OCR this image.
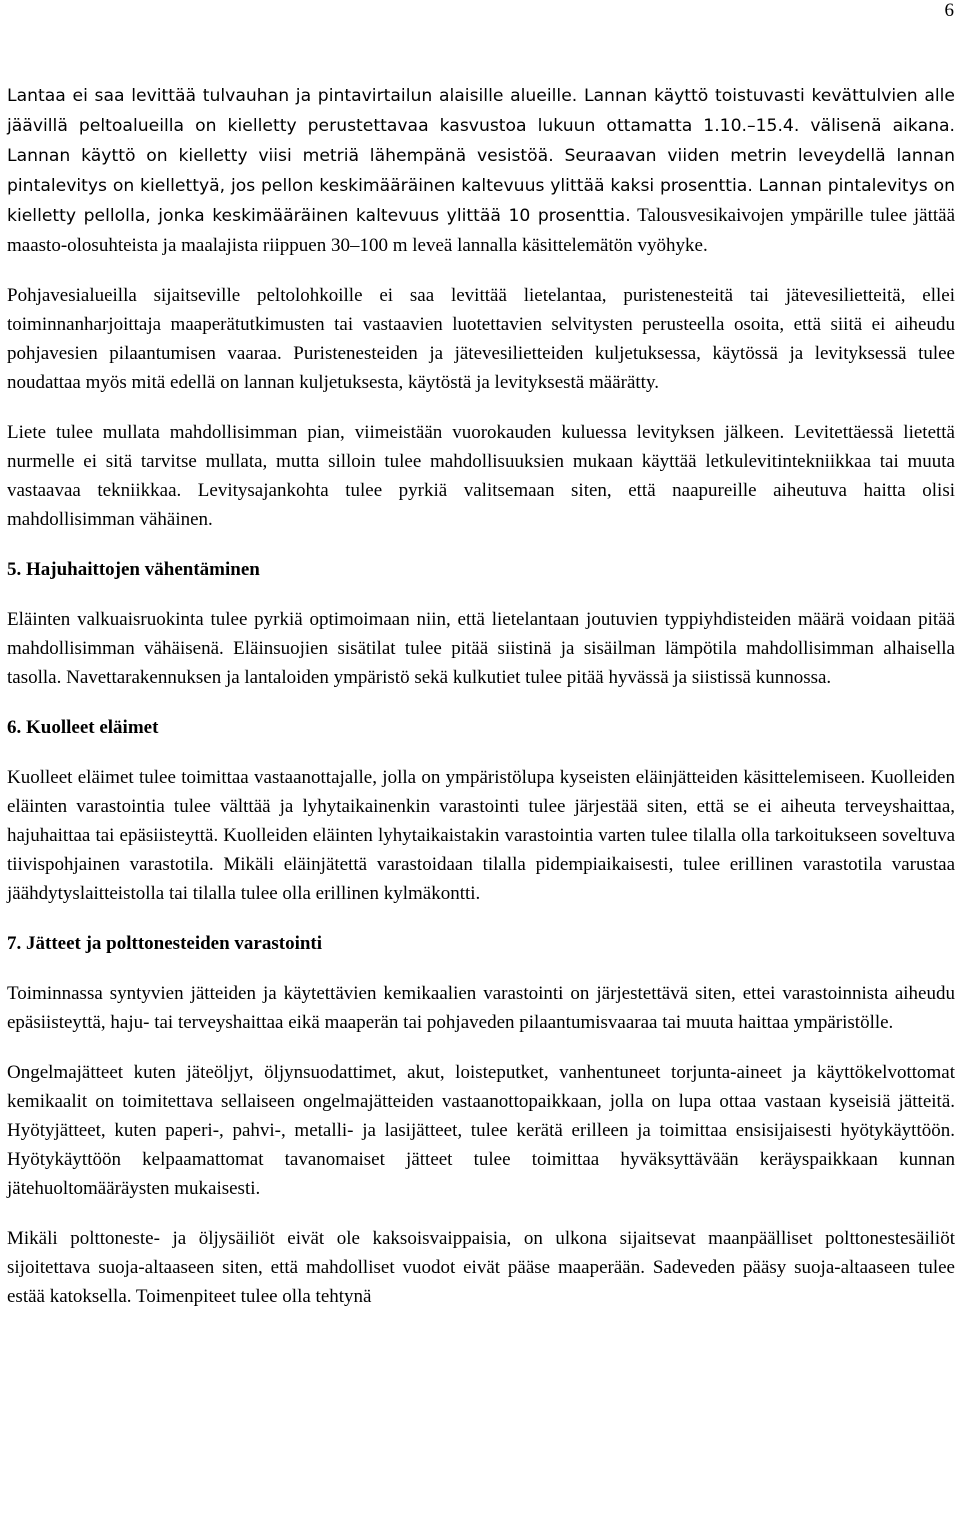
6

Lantaa ei saa levittää tulvauhan ja pintavirtailun alaisille alueille. Lannan käyttö toistuvasti kevättulvien alle jäävillä peltoalueilla on kielletty perustettavaa kasvustoa lukuun ottamatta 1.10.–15.4. välisenä aikana. Lannan käyttö on kielletty viisi metriä lähempänä vesistöä. Seuraavan viiden metrin leveydellä lannan pintalevitys on kiellettyä, jos pellon keskimääräinen kaltevuus ylittää kaksi prosenttia. Lannan pintalevitys on kielletty pellolla, jonka keskimääräinen kaltevuus ylittää 10 prosenttia. Talousvesikaivojen ympärille tulee jättää maasto-olosuhteista ja maalajista riippuen 30–100 m leveä lannalla käsittelemätön vyöhyke.

Pohjavesialueilla sijaitseville peltolohkoille ei saa levittää lietelantaa, puristenesteitä tai jätevesilietteitä, ellei toiminnanharjoittaja maaperätutkimusten tai vastaavien luotettavien selvitysten perusteella osoita, että siitä ei aiheudu pohjavesien pilaantumisen vaaraa. Puristenesteiden ja jätevesilietteiden kuljetuksessa, käytössä ja levityksessä tulee noudattaa myös mitä edellä on lannan kuljetuksesta, käytöstä ja levityksestä määrätty.

Liete tulee mullata mahdollisimman pian, viimeistään vuorokauden kuluessa levityksen jälkeen. Levitettäessä lietettä nurmelle ei sitä tarvitse mullata, mutta silloin tulee mahdollisuuksien mukaan käyttää letkulevitintekniikkaa tai muuta vastaavaa tekniikkaa. Levitysajankohta tulee pyrkiä valitsemaan siten, että naapureille aiheutuva haitta olisi mahdollisimman vähäinen.

5. Hajuhaittojen vähentäminen

Eläinten valkuaisruokinta tulee pyrkiä optimoimaan niin, että lietelantaan joutuvien typpiyhdisteiden määrä voidaan pitää mahdollisimman vähäisenä. Eläinsuojien sisätilat tulee pitää siistinä ja sisäilman lämpötila mahdollisimman alhaisella tasolla. Navettarakennuksen ja lantaloiden ympäristö sekä kulkutiet tulee pitää hyvässä ja siistissä kunnossa.

6. Kuolleet eläimet

Kuolleet eläimet tulee toimittaa vastaanottajalle, jolla on ympäristölupa kyseisten eläinjätteiden käsittelemiseen. Kuolleiden eläinten varastointia tulee välttää ja lyhytaikainenkin varastointi tulee järjestää siten, että se ei aiheuta terveyshaittaa, hajuhaittaa tai epäsiisteyttä. Kuolleiden eläinten lyhytaikaistakin varastointia varten tulee tilalla olla tarkoitukseen soveltuva tiivispohjainen varastotila. Mikäli eläinjätettä varastoidaan tilalla pidempiaikaisesti, tulee erillinen varastotila varustaa jäähdytyslaitteistolla tai tilalla tulee olla erillinen kylmäkontti.

7. Jätteet ja polttonesteiden varastointi

Toiminnassa syntyvien jätteiden ja käytettävien kemikaalien varastointi on järjestettävä siten, ettei varastoinnista aiheudu epäsiisteyttä, haju- tai terveyshaittaa eikä maaperän tai pohjaveden pilaantumisvaaraa tai muuta haittaa ympäristölle.

Ongelmajätteet kuten jäteöljyt, öljynsuodattimet, akut, loisteputket, vanhentuneet torjunta-aineet ja käyttökelvottomat kemikaalit on toimitettava sellaiseen ongelmajätteiden vastaanottopaikkaan, jolla on lupa ottaa vastaan kyseisiä jätteitä. Hyötyjätteet, kuten paperi-, pahvi-, metalli- ja lasijätteet, tulee kerätä erilleen ja toimittaa ensisijaisesti hyötykäyttöön. Hyötykäyttöön kelpaamattomat tavanomaiset jätteet tulee toimittaa hyväksyttävään keräyspaikkaan kunnan jätehuoltomääräysten mukaisesti.

Mikäli polttoneste- ja öljysäiliöt eivät ole kaksoisvaippaisia, on ulkona sijaitsevat maanpäälliset polttonestesäiliöt sijoitettava suoja-altaaseen siten, että mahdolliset vuodot eivät pääse maaperään. Sadeveden pääsy suoja-altaaseen tulee estää katoksella. Toimenpiteet tulee olla tehtynä
